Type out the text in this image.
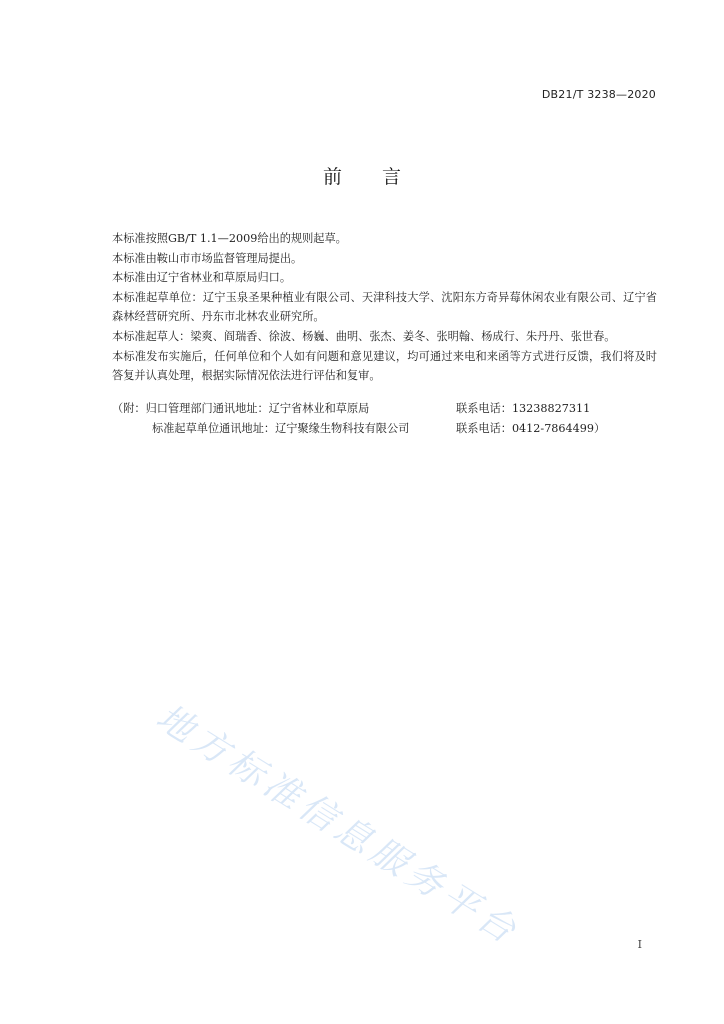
DB21/T 3238—2020
前 言

本标准按照GB/T 1.1—2009给出的规则起草。

本标准由鞍山市市场监督管理局提出。

本标准由辽宁省林业和草原局归口。

本标准起草单位：辽宁玉泉圣果种植业有限公司、天津科技大学、沈阳东方奇异莓休闲农业有限公司、辽宁省森林经营研究所、丹东市北林农业研究所。

本标准起草人：梁爽、阎瑞香、徐波、杨巍、曲明、张杰、姜冬、张明翰、杨成行、朱丹丹、张世春。

本标准发布实施后，任何单位和个人如有问题和意见建议，均可通过来电和来函等方式进行反馈，我们将及时答复并认真处理，根据实际情况依法进行评估和复审。

（附：归口管理部门通讯地址：辽宁省林业和草原局	联系电话：13238827311
标准起草单位通讯地址：辽宁聚缘生物科技有限公司	联系电话：0412-7864499）
地方标准信息服务平台	I
